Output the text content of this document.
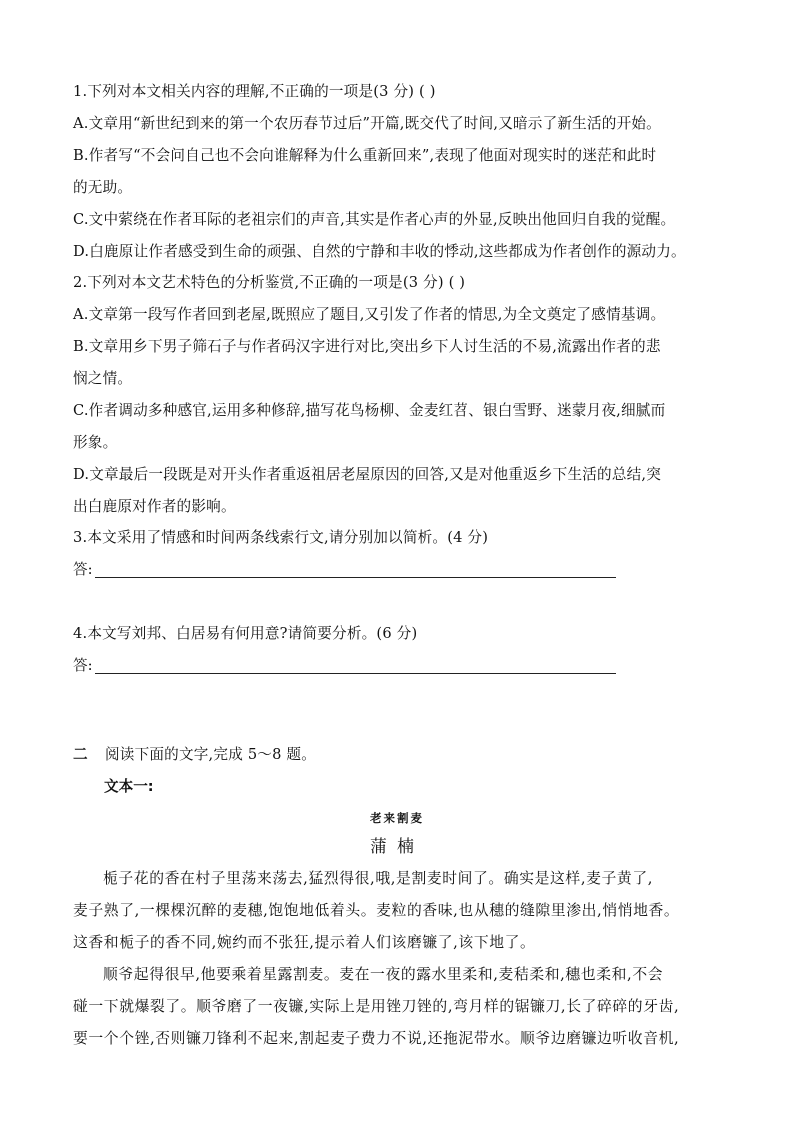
1.下列对本文相关内容的理解,不正确的一项是(3 分) ( )
A.文章用“新世纪到来的第一个农历春节过后”开篇,既交代了时间,又暗示了新生活的开始。
B.作者写“不会问自己也不会向谁解释为什么重新回来”,表现了他面对现实时的迷茫和此时
的无助。
C.文中萦绕在作者耳际的老祖宗们的声音,其实是作者心声的外显,反映出他回归自我的觉醒。
D.白鹿原让作者感受到生命的顽强、自然的宁静和丰收的悸动,这些都成为作者创作的源动力。
2.下列对本文艺术特色的分析鉴赏,不正确的一项是(3 分) ( )
A.文章第一段写作者回到老屋,既照应了题目,又引发了作者的情思,为全文奠定了感情基调。
B.文章用乡下男子筛石子与作者码汉字进行对比,突出乡下人讨生活的不易,流露出作者的悲
悯之情。
C.作者调动多种感官,运用多种修辞,描写花鸟杨柳、金麦红苕、银白雪野、迷蒙月夜,细腻而
形象。
D.文章最后一段既是对开头作者重返祖居老屋原因的回答,又是对他重返乡下生活的总结,突
出白鹿原对作者的影响。
3.本文采用了情感和时间两条线索行文,请分别加以简析。(4 分)
答:
4.本文写刘邦、白居易有何用意?请简要分析。(6 分)
答:
二 阅读下面的文字,完成 5～8 题。
文本一:
老来割麦
蒲楠
栀子花的香在村子里荡来荡去,猛烈得很,哦,是割麦时间了。确实是这样,麦子黄了,
麦子熟了,一棵棵沉醉的麦穗,饱饱地低着头。麦粒的香味,也从穗的缝隙里渗出,悄悄地香。
这香和栀子的香不同,婉约而不张狂,提示着人们该磨镰了,该下地了。
顺爷起得很早,他要乘着星露割麦。麦在一夜的露水里柔和,麦秸柔和,穗也柔和,不会
碰一下就爆裂了。顺爷磨了一夜镰,实际上是用锉刀锉的,弯月样的锯镰刀,长了碎碎的牙齿,
要一个个锉,否则镰刀锋利不起来,割起麦子费力不说,还拖泥带水。顺爷边磨镰边听收音机,
